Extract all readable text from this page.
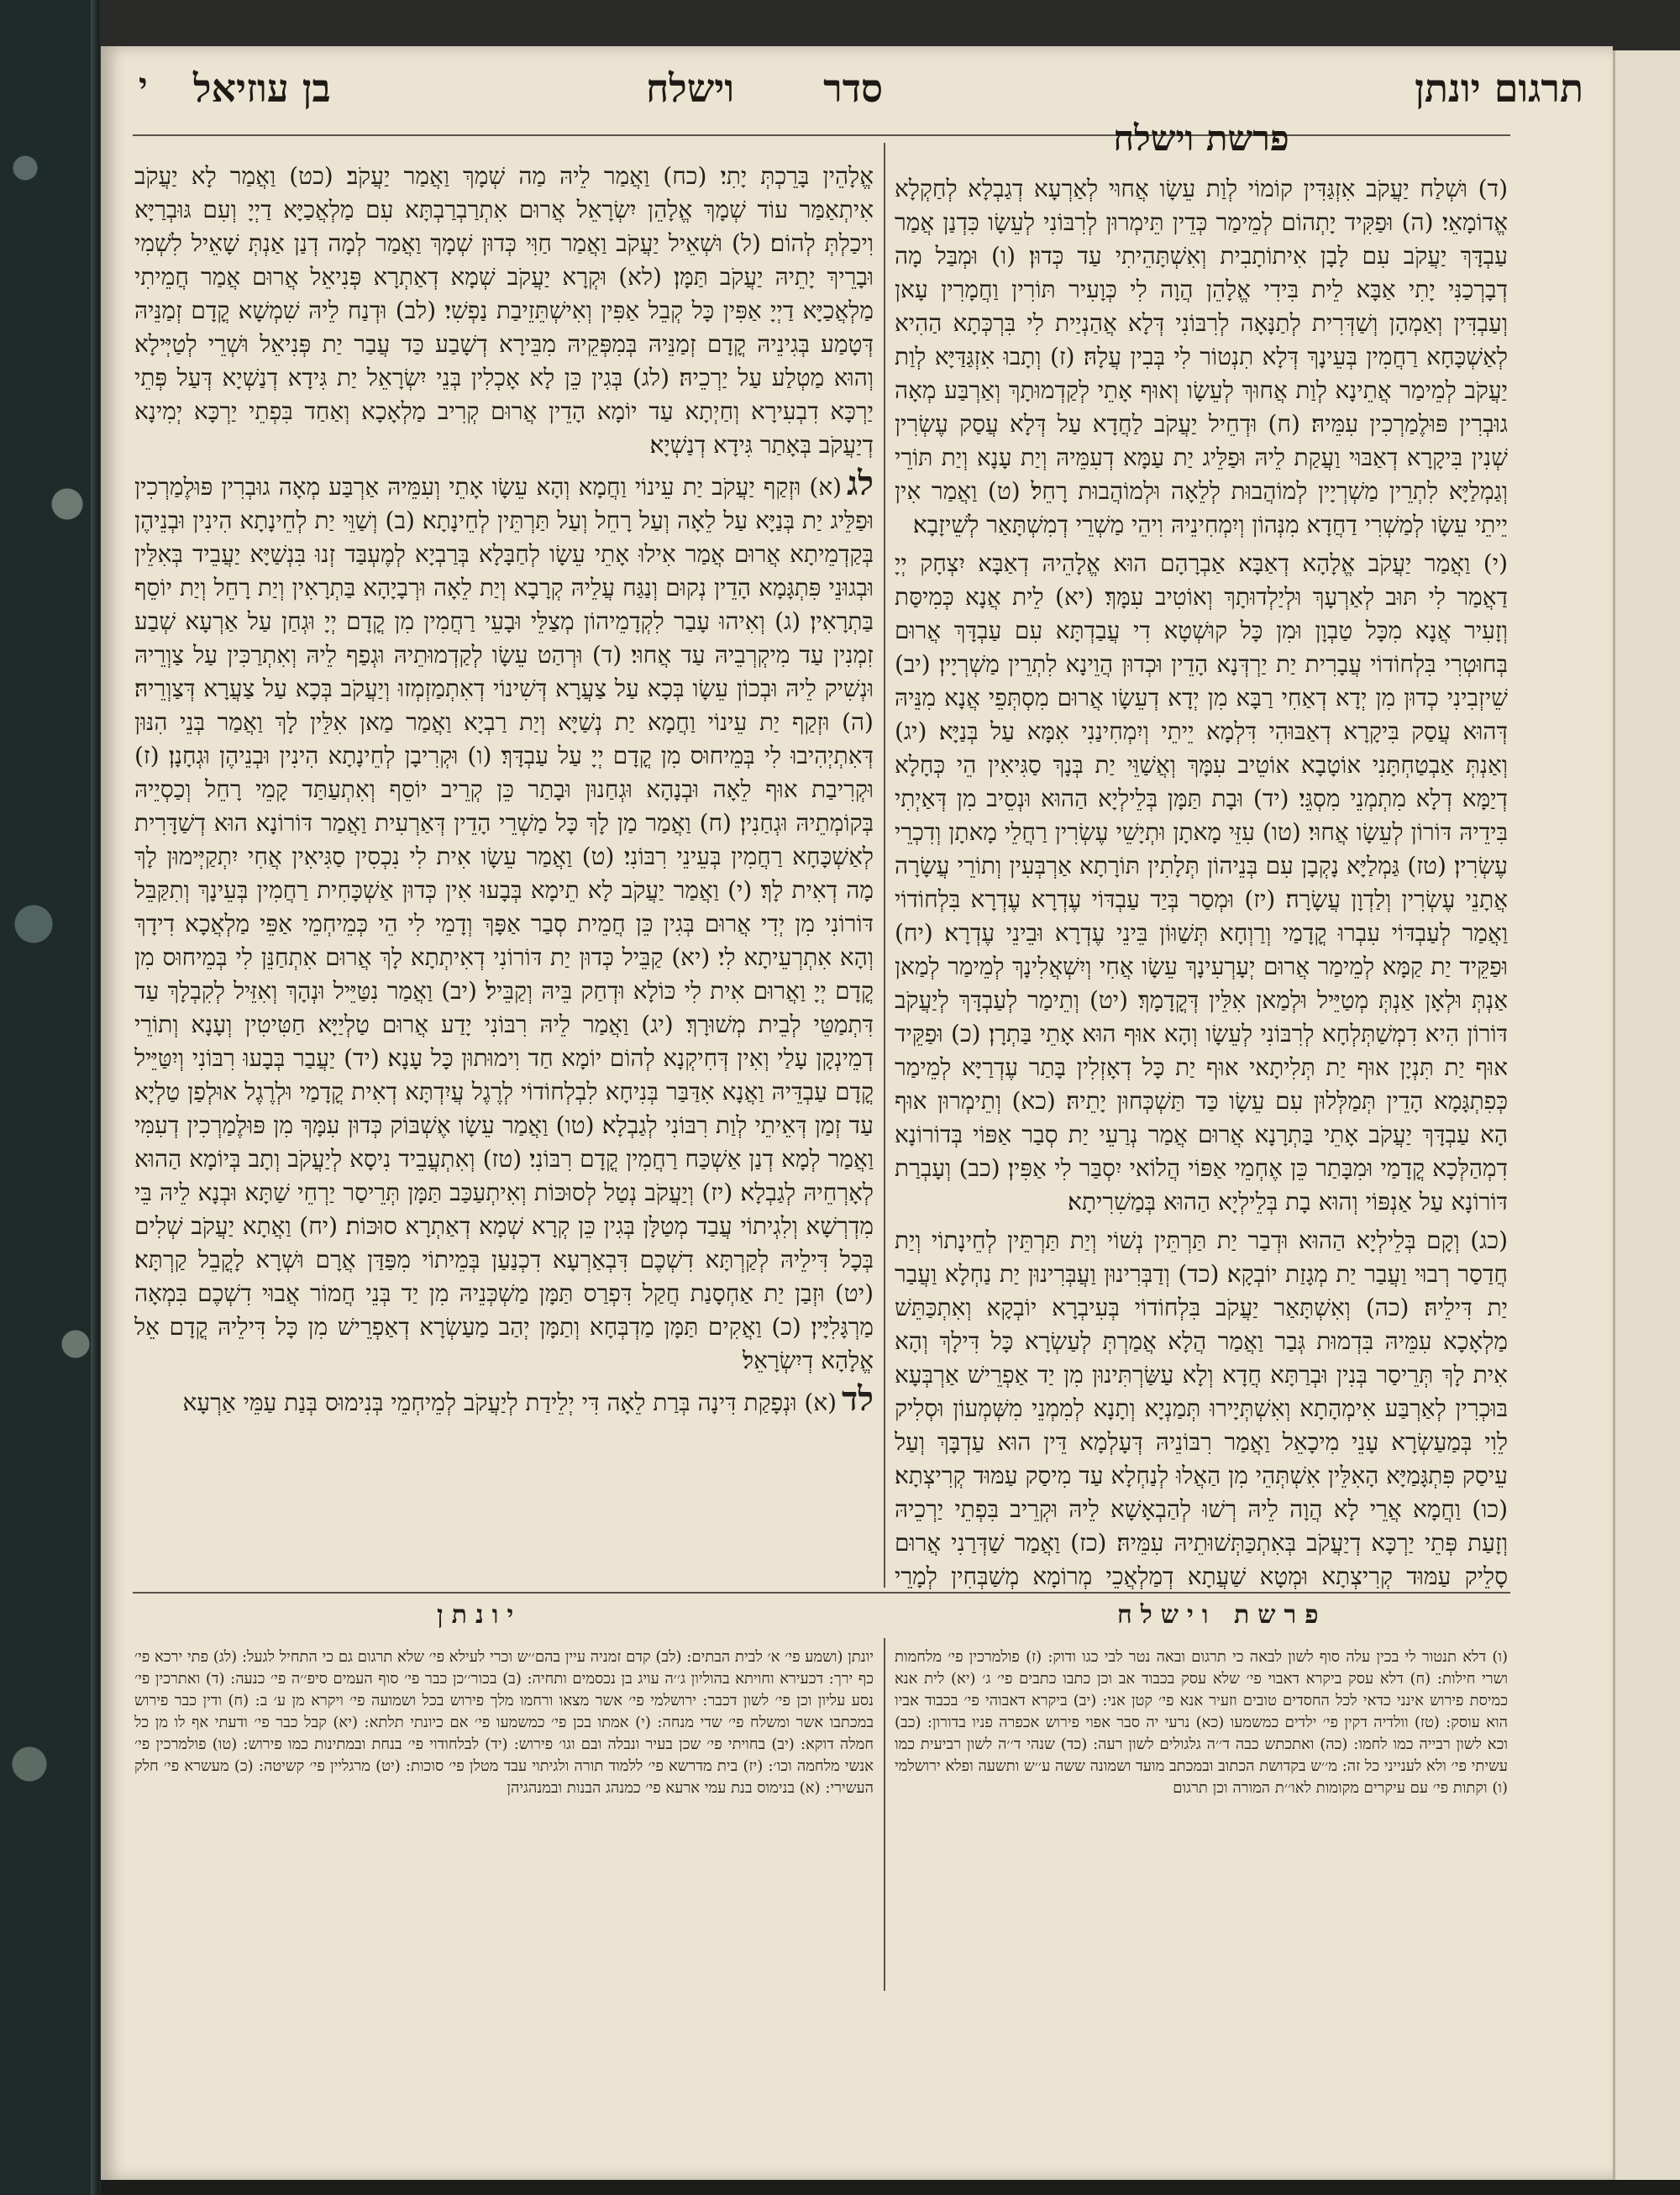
תרגום יונתן
סדר וישלח
בן עוזיאל
י
פרשת וישלח

(ד) וּשְׁלַח יַעֲקֹב אִזְגַּדִּין קוֹמוֹי לְוַת עֵשָׂו אֲחוּי לְאַרְעָא דְגַבְלָא לְחַקְלָא אֱדוֹמָאֵי׃ (ה) וּפַקִּיד יָתְהוֹם לְמֵימַר כְּדֵין תֵּימְרוּן לְרִבּוֹנִי לְעֵשָׂו כִּדְנַן אֲמַר עַבְדָּךְ יַעֲקֹב עִם לָבָן אִיתוֹתָבִית וְאִשְׁתָּהֵיתִי עַד כְּדוּן׃ (ו) וּמְבַּל מָה דְבָרְכַנִּי יָתִי אַבָּא לֵית בִּידִי אֱלָהֵן הֲוָה לִי כְּוָעִיר תּוֹרִין וַחֲמָרִין עָאן וְעַבְדִּין וְאַמְהָן וְשַׁדְּרִית לְתַנָּאָה לְרִבּוֹנִי דְּלָא אֲהַנְיַית לִי בִּרְכְּתָא הַהִיא לְאַשְׁכָּחָא רַחֲמִין בְּעֵינָךְ דְּלָא תִנְטוֹר לִי בְּבִין עֲלָהּ׃ (ז) וְתָבוּ אִזְגַּדַּיָּא לְוַת יַעֲקֹב לְמֵימַר אֲתֵינָא לְוַת אֲחוּךְ לְעֵשָׂו וְאוּף אָתֵי לְקַדְמוּתָךְ וְאַרְבַּע מְאָה גוּבְרִין פּוּלֶמַרְכִין עִמֵּיהּ׃ (ח) וּדְחֵיל יַעֲקֹב לַחֲדָא עַל דְּלָא עֲסַק עֶשְׂרִין שְׁנִין בִּיקָרָא דְאַבּוּי וַעֲקַת לֵיהּ וּפַלֵּיג יַת עַמָּא דְעִמֵּיהּ וְיַת עָנָא וְיַת תּוֹרֵי וְגַמְלַיָּא לִתְרֵין מַשְׁרְיָין לְמוֹהֲבוּת לְלֵאָה וּלְמוֹהֲבוּת רָחֵל׃ (ט) וַאֲמַר אִין יֵיתֵי עֵשָׂו לְמַשְׁרִי דַחֲדָא מִנְּהוֹן וְיִמְחִינֵיהּ וִיהֵי מַשְׁרֵי דְמִשְׁתָּאַר לְשֵׁיזָבָא׃

(י) וַאֲמַר יַעֲקֹב אֱלָהָא דְאַבָּא אַבְרָהָם הוּא אֱלָהֵיהּ דְאַבָּא יִצְחָק יְיָ דַאֲמַר לִי תּוּב לְאַרְעָךְ וּלְיַלְדוּתָךְ וְאוֹטִיב עִמָּךְ׃ (יא) לֵית אֲנָא כְּמִיסַּת וְזָעִיר אֲנָא מִכָּל טַבְוָן וּמִן כָּל קוּשְׁטָא דִי עֲבַדְתָּא עִם עַבְדָּךְ אֲרוּם בְּחוּטְרִי בִּלְחוֹדוֹי עֲבָרִית יַת יַרְדְּנָא הָדֵין וּכְדוּן הֲוֵינָא לִתְרֵין מַשְׁרְיָין׃ (יב) שֵׁיזְבִינִי כְדוּן מִן יְדָא דְאַחִי רַבָּא מִן יְדָא דְעֵשָׂו אֲרוּם מִסְתְּפֵי אֲנָא מִנֵּיהּ דְּהוּא עֲסַק בִּיקָרָא דְאַבּוּהִי דִּלְמָא יֵיתֵי וְיִמְחִינַנִי אִמָּא עַל בְּנַיָּא׃ (יג) וְאַנְתְּ אַבְטַחְתָּנִי אוֹטָבָא אוֹטֵיב עִמָּךְ וְאֲשַׁוֵּי יַת בְּנָךְ סַגִּיאִין הֵי כְּחָלָא דְיַמָּא דְלָא מִתְמְנֵי מִסְגֵּי׃ (יד) וּבָת תַּמָּן בְּלֵילְיָא הַהוּא וּנְסֵיב מִן דְּאַיְתִי בִּידֵיהּ דּוֹרוֹן לְעֵשָׂו אֲחוּי׃ (טו) עִזֵּי מָאתָן וּתְיָשֵׁי עֶשְׂרִין רַחֲלֵי מָאתָן וְדִכְרֵי עֶשְׂרִין׃ (טז) גַּמְלַיָּא נָקְבָן עִם בְּנֵיהוֹן תְּלָתִין תּוֹרָתָא אַרְבְּעִין וְתוֹרֵי עֲשָׂרָה אֲתָנֵי עֶשְׂרִין וְלַדְוָן עֲשָׂרָה׃ (יז) וּמְסַר בְּיַד עַבְדּוֹי עֶדְרָא עֶדְרָא בִּלְחוֹדוֹי וַאֲמַר לְעַבְדּוֹי עִבְרוּ קֳדָמַי וְרַוְחָא תְּשַׁוּוֹן בֵּינֵי עֶדְרָא וּבֵינֵי עֶדְרָא׃ (יח) וּפַקֵּיד יַת קַמָּא לְמֵימַר אֲרוּם יְעָרְעִינָךְ עֵשָׂו אֲחִי וְיִשְׁאֲלִינָךְ לְמֵימַר לְמַאן אַנְתְּ וּלְאָן אַנְתְּ מְטַיֵּיל וּלְמַאן אִלֵּין דְּקֳדָמָךְ׃ (יט) וְתֵימַר לְעַבְדָּךְ לְיַעֲקֹב דּוֹרוֹן הִיא דִמְשַׁתְּלְחָא לְרִבּוֹנִי לְעֵשָׂו וְהָא אוּף הוּא אָתֵי בַּתְרָן׃ (כ) וּפַקֵּיד אוּף יַת תִּנְיָן אוּף יַת תְּלִיתָאי אוּף יַת כָּל דְאָזְלִין בָּתַר עֶדְרַיָּא לְמֵימַר כְּפִתְגָּמָא הָדֵין תְּמַלְּלוּן עִם עֵשָׂו כַּד תַּשְׁכְּחוּן יָתֵיהּ׃ (כא) וְתֵימְרוּן אוּף הָא עַבְדָּךְ יַעֲקֹב אָתֵי בַּתְרָנָא אֲרוּם אֲמַר נְרַעֵי יַת סְבַר אַפּוֹי בְּדוֹרוֹנָא דִמְהַלְּכָא קֳדָמַי וּמִבָּתַר כֵּן אֶחְמֵי אַפּוֹי הֲלוֹאי יִסְבַּר לִי אַפִּין׃ (כב) וְעָבְרַת דּוֹרוֹנָא עַל אַנְפּוֹי וְהוּא בָת בְּלֵילְיָא הַהוּא בְּמַשִׁרִיתָא׃

(כג) וְקָם בְּלֵילְיָא הַהוּא וּדְבַר יַת תַּרְתֵּין נְשׁוֹי וְיַת תַּרְתֵּין לְחֵינָתוֹי וְיַת חֲדַסַר רְבוּי וַעֲבַר יַת מְגָזַת יוֹבְקָא׃ (כד) וְדַבְּרִינוּן וַעֲבְּרִינוּן יַת נַחְלָא וַעֲבַר יַת דִּילֵיהּ׃ (כה) וְאִשְׁתָּאַר יַעֲקֹב בִּלְחוֹדוֹי בְּעִיבְרָא יוֹבְקָא וְאִתְכַּתֵּשׁ מַלְאָכָא עִמֵּיהּ בִּדְמוּת גְּבַר וַאֲמַר הֲלָא אֲמַרְתְּ לְעַשְׂרָא כָּל דִּילָךְ וְהָא אִית לָךְ תְּרֵיסַר בְּנִין וּבְרַתָּא חֲדָא וְלָא עַשַּׂרְתִּינוּן מִן יַד אַפְרֵישׁ אַרְבְּעָא בּוּכְרִין לְאַרְבַּע אִימְהָתָא וְאִשְׁתְּיָירוּ תְּמַנְיָא וְתָנָא לְמִמְנֵי מִשְּׁמְעוֹן וּסְלִיק לֵוִי בְּמַעַשְׂרָא עָנֵי מִיכָאֵל וַאֲמַר רִבּוֹנֵיהּ דְּעָלְמָא דֵּין הוּא עַדְבָּךְ וְעַל עֵיסַק פִּתְגָּמַיָּא הָאִלֵּין אִשְׁתְּהֵי מִן הַאֲלוּ לְנַחְלָא עַד מִיסַק עַמּוּד קְרִיצְתָא׃ (כו) וַחֲמָא אֲרֵי לָא הֲוָה לֵיהּ רְשׁוּ לְהַבְאָשָׁא לֵיהּ וּקְרֵיב בִּפְתֵי יַרְכֵיהּ וְזָעַת פְּתֵי יַרְכָּא דְיַעֲקֹב בְּאִתְכַּתְּשׁוּתֵיהּ עִמֵּיהּ׃ (כז) וַאֲמַר שַׁדְּרַנִי אֲרוּם סָלֵיק עַמּוּד קְרִיצְתָא וּמְטָא שַׁעֲתָא דְמַלְאֲכֵי מְרוֹמָא מְשַׁבְּחִין לְמָרֵי

אֱלָהֵין בָּרֵכְתְּ יָתִי׃ (כח) וַאֲמַר לֵיהּ מַה שְׁמָךְ וַאֲמַר יַעֲקֹב׃ (כט) וַאֲמַר לָא יַעֲקֹב אִיתְאַמַּר עוֹד שְׁמָךְ אֱלָהֵן יִשְׂרָאֵל אֲרוּם אִתְרַבְרַבְתָּא עִם מַלְאֲכַיָּא דַיְיָ וְעִם גּוּבְרַיָּא וִיכַלְתְּ לְהוֹם׃ (ל) וּשְׁאֵיל יַעֲקֹב וַאֲמַר חַוִּי כְּדוּן שְׁמָךְ וַאֲמַר לְמָה דְנַן אַנְתְּ שָׁאֵיל לִשְׁמִי וּבָרֵיךְ יָתֵיהּ יַעֲקֹב תַּמָּן׃ (לא) וּקְרָא יַעֲקֹב שְׁמָא דְאַתְרָא פְּנִיאֵל אֲרוּם אֲמַר חֲמֵיתִי מַלְאֲכַיָּא דַיְיָ אַפִּין כָּל קְבֵל אַפִּין וְאִישְׁתֵּזֵיבַת נַפְשִׁי׃ (לב) וּדְנַח לֵיהּ שִׁמְשָׁא קֳדָם זְמַנֵּיהּ דְּטָמַע בְּגִינֵיהּ קֳדָם זְמַנֵּיהּ בְּמִפְּקֵיהּ מִבֵּירָא דְשָׁבַע כַּד עֲבַר יַת פְּנִיאֵל וּשְׁרֵי לְטַיְּילָא וְהוּא מַטְלַע עַל יַרְכֵיהּ׃ (לג) בְּגִין כֵּן לָא אָכְלִין בְּנֵי יִשְׂרָאֵל יַת גִּידָא דְנַשְׁיָא דְּעַל פְּתֵי יַרְכָּא דִבְעִירָא וְחַיְתָא עַד יוֹמָא הָדֵין אֲרוּם קְרִיב מַלְאָכָא וְאַחַד בִּפְתֵי יַרְכָּא יְמִינָא דְיַעֲקֹב בְּאָתַר גִּידָא דְנַשְׁיָא׃

לג(א) וּזְקַף יַעֲקֹב יַת עֵינוֹי וַחֲמָא וְהָא עֵשָׂו אָתֵי וְעִמֵּיהּ אַרְבַּע מְאָה גוּבְרִין פּוּלֶמַרְכִין וּפַלֵּיג יַת בְּנַיָּא עַל לֵאָה וְעַל רָחֵל וְעַל תַּרְתֵּין לְחֵינָתָא׃ (ב) וְשַׁוֵּי יַת לְחֵינָתָא הִינִין וּבְנֵיהֶן בְּקַדְמֵיתָא אֲרוּם אֲמַר אִילוּ אָתֵי עֵשָׂו לְחַבָּלָא בְּרַבְיָא לְמֶעְבַּד זְנוּ בִּנְשַׁיָּא יַעֲבֵיד בְּאִלֵּין וּבְגוּנֵי פִּתְגָּמָא הָדֵין נְקוּם וְנַגַּח עֲלֵיהּ קְרָבָא וְיַת לֵאָה וּרְבָיָהָא בַּתְרָאִין וְיַת רָחֵל וְיַת יוֹסֵף בַּתְרָאִין׃ (ג) וְאִיהוּ עָבַר לִקְדָמֵיהוֹן מְצַלֵּי וּבָעֵי רַחֲמִין מִן קֳדָם יְיָ וּגְחַן עַל אַרְעָא שְׁבַע זִמְנִין עַד מִיקְרְבֵיהּ עַד אֲחוּי׃ (ד) וּרְהַט עֵשָׂו לְקַדְמוּתֵיהּ וּגְפַף לֵיהּ וְאִתְרַכִּין עַל צַוְרֵיהּ וּנְשִׁיק לֵיהּ וּבְכוֹן עֵשָׂו בְּכָא עַל צַעֲרָא דְּשִׁינוֹי דְאִתְמַזְמְזוּ וְיַעֲקֹב בְּכָא עַל צַעֲרָא דְּצַוְרֵיהּ׃ (ה) וּזְקַף יַת עֵינוֹי וַחֲמָא יַת נְשַׁיָּא וְיַת רַבְיָא וַאֲמַר מַאן אִלֵּין לָךְ וַאֲמַר בְּנֵי הִנּוּן דְּאִתְיְהִיבוּ לִי בְּמֵיחוּס מִן קֳדָם יְיָ עַל עַבְדָּךְ׃ (ו) וּקְרִיבָן לְחֵינָתָא הִינִין וּבְנֵיהֶן וּגְחָנָן׃ (ז) וּקְרִיבַת אוּף לֵאָה וּבְנָהָא וּגְחַנוּן וּבָתַר כֵּן קְרֵיב יוֹסֵף וְאִתְעַתַּד קָמֵי רָחֵל וְכַסְיֵיהּ בְּקוֹמְתֵיהּ וּגְחַנִין׃ (ח) וַאֲמַר מַן לָךְ כָּל מַשְׁרֵי הָדֵין דְּאַרְעִית וַאֲמַר דּוֹרוֹנָא הוּא דְשַׁדָּרִית לְאַשְׁכָּחָא רַחֲמִין בְּעֵינֵי רִבּוֹנִי׃ (ט) וַאֲמַר עֵשָׂו אִית לִי נִכְסִין סַגִּיאִין אֲחִי יִתְקַיְּימוּן לָךְ מָה דְאִית לָךְ׃ (י) וַאֲמַר יַעֲקֹב לָא תֵימָא בְּבָעוּ אִין כְּדוּן אַשְׁכָּחִית רַחֲמִין בְּעֵינָךְ וְתִקַּבֵּל דּוֹרוֹנִי מִן יְדִי אֲרוּם בְּגִין כֵּן חֲמֵית סְבַר אַפָּךְ וְדָמֵי לִי הֵי כְּמֵיחְמֵי אַפֵּי מַלְאֲכָא דִידָךְ וְהָא אִתְרְעֵיתָא לִי׃ (יא) קַבֵּיל כְּדוּן יַת דּוֹרוֹנִי דְאִיתְתָא לָךְ אֲרוּם אִתְחַנֵּן לִי בְּמֵיחוּס מִן קֳדָם יְיָ וַאֲרוּם אִית לִי כּוֹלָא וּדְחַק בֵּיהּ וְקַבֵּיל׃ (יב) וַאֲמַר נִטַּיֵּיל וּנְהָךְ וְאִזֵּיל לְקִבְלָךְ עַד דִּתְמַטֵּי לְבֵית מְשׁוּרָךְ׃ (יג) וַאֲמַר לֵיהּ רִבּוֹנִי יָדַע אֲרוּם טַלְיַיָּא חַטִּיטִין וְעָנָא וְתוֹרֵי דְמֵינְקָן עָלַי וְאִין דְּחִיקְנָא לְהוֹם יוֹמָא חַד וִימוּתוּן כָּל עָנָא׃ (יד) יַעֲבַר בְּבָעוּ רִבּוֹנִי וְיִטַּיֵּיל קֳדָם עַבְדֵּיהּ וַאֲנָא אִדַּבַּר בְּנִיחָא לִבְלְחוֹדוֹי לְרֶגֶל עֲיִדְתָּא דְאִית קֳדָמַי וּלְרֶגֶל אוּלְפַן טַלְיָא עַד זְמַן דְּאֵיתֵי לְוַת רִבּוֹנִי לְגַבְלָא׃ (טו) וַאֲמַר עֵשָׂו אֶשְׁבּוֹק כְּדוּן עִמָּךְ מִן פּוּלֶמַרְכִין דְעִמִּי וַאֲמַר לְמָא דְנַן אַשְׁכַּח רַחֲמִין קֳדָם רִבּוֹנִי׃ (טז) וְאִתְעֲבֵיד נִיסָא לְיַעֲקֹב וְתָב בְּיוֹמָא הַהוּא לְאָרְחֵיהּ לְגַבְלָא׃ (יז) וְיַעֲקֹב נְטַל לְסוּכּוֹת וְאִיתְעַכַּב תַּמָּן תְּרֵיסַר יַרְחֵי שַׁתָּא וּבְנָא לֵיהּ בֵּי מִדְרְשָׁא וְלִגְיתוֹי עֲבַד מְטַלָּן בְּגִין כֵּן קְרָא שְׁמָא דְאַתְרָא סוּכּוֹת׃ (יח) וַאֲתָא יַעֲקֹב שְׁלִים בְּכָל דִּילֵיהּ לְקַרְתָּא דִשְׁכֶם דִּבְאַרְעָא דִכְנַעַן בְּמֵיתוֹי מִפַּדַּן אֲרָם וּשְׁרָא לָקֳבֵל קַרְתָּא׃ (יט) וּזְבַן יַת אַחְסָנַת חֲקַל דִּפְרַס תַּמָּן מַשְׁכְּנֵיהּ מִן יַד בְּנֵי חֲמוֹר אֲבוּי דִשְׁכֶם בִּמְאָה מַרְגָּלִיָּין׃ (כ) וַאֲקִים תַּמָּן מַדְבְּחָא וְתַמָּן יְהַב מַעַשְׂרָא דְאַפְרֵישׁ מִן כָּל דִּילֵיהּ קֳדָם אֵל אֱלָהָא דְיִשְׂרָאֵל׃

לד(א) וּנְפָקַת דִּינָה בְּרַת לֵאָה דִּי יְלֵידַת לְיַעֲקֹב לְמֵיחְמֵי בְּנִימוּס בְּנַת עַמֵּי אַרְעָא

פרשת וישלח
יונתן
(ו) דלא תנטור לי בכין עלה סוף לשון לבאה כי תרגום ובאה נטר לבי כגו ודוק: (ז) פולמרכין פי׳ מלחמות ושרי חילות: (ח) דלא עסק ביקרא דאבוי פי׳ שלא עסק בכבוד אב וכן כתבו כתבים פי׳ ג׳ (יא) לית אנא כמיסת פירוש אינני כדאי לכל החסדים טובים וזעיר אנא פי׳ קטן אני: (יב) ביקרא דאבוהי פי׳ בכבוד אביו הוא עוסק: (טז) וולדיה דקין פי׳ ילדים כמשמעו (כא) נרעי יה סבר אפוי פירוש אכפרה פניו בדורון: (כב) וכא לשון רבייה כמו לחמו: (כה) ואתכתש כבה ד׳׳ה גלגולים לשון רעה: (כד) שנהי ד׳׳ה לשון רביעית כמו עשיתי פי׳ ולא לענייני כל זה: מ׳׳ש בקדושת הכתוב ובמכתב מועד ושמונה ששה ע׳׳ש ותשעה ופלא ירושלמי (ו) וקתות פי׳ עם עיקרים מקומות לאו׳׳ת המורה וכן תרגום
יונתן (ושמע פי׳ א׳ לבית הבתים: (לב) קדם זמניה עיין בהם׳׳ש וכרי לעילא פי׳ שלא תרגום גם כי התחיל לגעל: (לג) פתי ירכא פי׳ כף ירך: דכעירא וחויתא בהוליון ג׳׳ה עויג בן נכסמים ותחיה: (ב) בכור׳׳כן כבר פי׳ סוף העמים סיפ׳׳ה פי׳ כנעה: (ד) ואתרכין פי׳ נסע עליון וכן פי׳ לשון דכבר: ירושלמי פי׳ אשר מצאו ורחמו מלך פירוש בכל ושמועה פי׳ ויקרא מן ע׳ ב: (ח) ודין כבר פירוש במכתבו אשר ומשלח פי׳ שדי מנחה: (י) אמתו בכן פי׳ כמשמעו פי׳ אם כיונתי תלתא: (יא) קבל כבר פי׳ ודעתי אף לו מן כל חמלה דוקא: (יב) בחויתי פי׳ שכן בעיר ונבלה ובם וגו׳ פירוש: (יד) לבלחודוי פי׳ בנחת ובמתינות כמו פירוש: (טו) פולמרכין פי׳ אנשי מלחמה וכו׳: (יז) בית מדרשא פי׳ ללמוד תורה ולגיתוי עבד מטלן פי׳ סוכות: (יט) מרגליין פי׳ קשיטה: (כ) מעשרא פי׳ חלק העשירי: (א) בנימוס בנת עמי ארעא פי׳ כמנהג הבנות ובמנהגיהן
